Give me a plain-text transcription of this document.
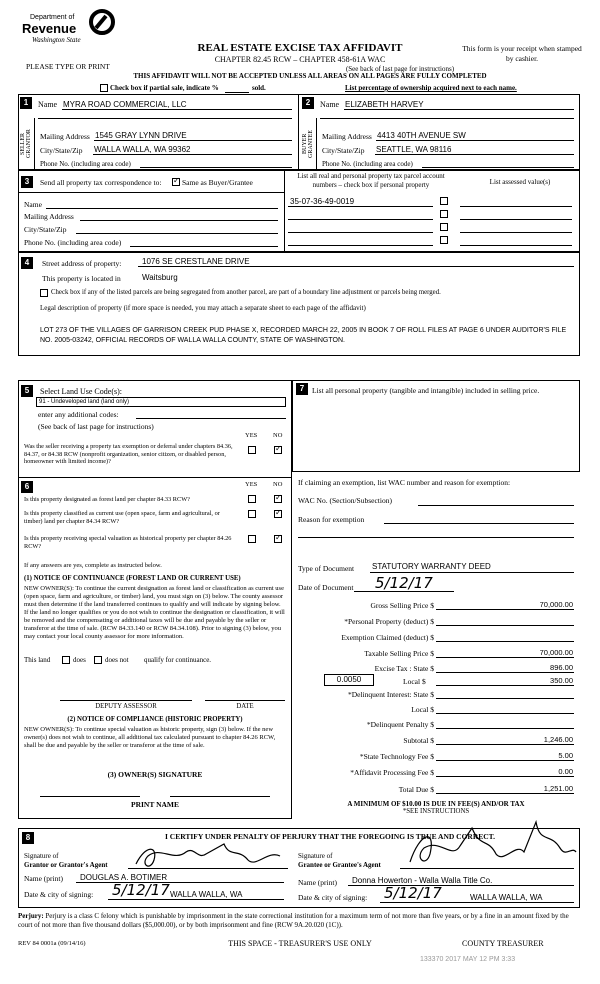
Department of
Revenue
Washington State
PLEASE TYPE OR PRINT
REAL ESTATE EXCISE TAX AFFIDAVIT
CHAPTER 82.45 RCW – CHAPTER 458-61A WAC
(See back of last page for instructions)
This form is your receipt when stamped by cashier.
THIS AFFIDAVIT WILL NOT BE ACCEPTED UNLESS ALL AREAS ON ALL PAGES ARE FULLY COMPLETED
Check box if partial sale, indicate %	sold.	List percentage of ownership acquired next to each name.
1
SELLER GRANTOR
Name MYRA ROAD COMMERCIAL, LLC
Mailing Address 1545 GRAY LYNN DRIVE
City/State/Zip WALLA WALLA, WA 99362
Phone No. (including area code)
2
BUYER GRANTEE
Name ELIZABETH HARVEY
Mailing Address 4413 40TH AVENUE SW
City/State/Zip SEATTLE, WA 98116
Phone No. (including area code)
3	Send all property tax correspondence to:
✓	Same as Buyer/Grantee
Name
Mailing Address
City/State/Zip
Phone No. (including area code)
List all real and personal property tax parcel account numbers – check box if personal property	List assessed value(s)
35-07-36-49-0019
4	Street address of property:	1076 SE CRESTLANE DRIVE
This property is located in	Waitsburg
Check box if any of the listed parcels are being segregated from another parcel, are part of a boundary line adjustment or parcels being merged.
Legal description of property (if more space is needed, you may attach a separate sheet to each page of the affidavit)
LOT 273 OF THE VILLAGES OF GARRISON CREEK PUD PHASE X, RECORDED MARCH 22, 2005 IN BOOK 7 OF ROLL FILES AT PAGE 6 UNDER AUDITOR'S FILE NO. 2005-03242, OFFICIAL RECORDS OF WALLA WALLA COUNTY, STATE OF WASHINGTON.
5	Select Land Use Code(s):
91 - Undeveloped land (land only)
enter any additional codes:
(See back of last page for instructions)
YES NO
Was the seller receiving a property tax exemption or deferral under chapters 84.36, 84.37, or 84.38 RCW (nonprofit organization, senior citizen, or disabled person, homeowner with limited income)?
✓
6	YES NO
Is this property designated as forest land per chapter 84.33 RCW?
✓
Is this property classified as current use (open space, farm and agricultural, or timber) land per chapter 84.34 RCW?
✓
Is this property receiving special valuation as historical property per chapter 84.26 RCW?
✓
If any answers are yes, complete as instructed below.
(1) NOTICE OF CONTINUANCE (FOREST LAND OR CURRENT USE)
NEW OWNER(S): To continue the current designation as forest land or classification as current use (open space, farm and agriculture, or timber) land, you must sign on (3) below. The county assessor must then determine if the land transferred continues to qualify and will indicate by signing below. If the land no longer qualifies or you do not wish to continue the designation or classification, it will be removed and the compensating or additional taxes will be due and payable by the seller or transferor at the time of sale. (RCW 84.33.140 or RCW 84.34.108). Prior to signing (3) below, you may contact your local county assessor for more information.
This land	does	does not qualify for continuance.
DEPUTY ASSESSOR	DATE
(2) NOTICE OF COMPLIANCE (HISTORIC PROPERTY)
NEW OWNER(S): To continue special valuation as historic property, sign (3) below. If the new owner(s) does not wish to continue, all additional tax calculated pursuant to chapter 84.26 RCW, shall be due and payable by the seller or transferor at the time of sale.
(3) OWNER(S) SIGNATURE
PRINT NAME
7	List all personal property (tangible and intangible) included in selling price.
If claiming an exemption, list WAC number and reason for exemption:
WAC No. (Section/Subsection)
Reason for exemption
Type of Document STATUTORY WARRANTY DEED
Date of Document 5/12/17
Gross Selling Price $	70,000.00
*Personal Property (deduct) $
Exemption Claimed (deduct) $
Taxable Selling Price $	70,000.00
Excise Tax : State $	896.00
0.0050	Local $	350.00
*Delinquent Interest: State $
Local $
*Delinquent Penalty $
Subtotal $	1,246.00
*State Technology Fee $	5.00
*Affidavit Processing Fee $	0.00
Total Due $	1,251.00
A MINIMUM OF $10.00 IS DUE IN FEE(S) AND/OR TAX
*SEE INSTRUCTIONS
8	I CERTIFY UNDER PENALTY OF PERJURY THAT THE FOREGOING IS TRUE AND CORRECT.
Signature of
Grantor or Grantor's Agent
Name (print) DOUGLAS A. BOTIMER
Date & city of signing: 5/12/17 WALLA WALLA, WA
Signature of
Grantee or Grantee's Agent
Name (print) Donna Howerton - Walla Walla Title Co.
Date & city of signing: 5/12/17	WALLA WALLA, WA
Perjury: Perjury is a class C felony which is punishable by imprisonment in the state correctional institution for a maximum term of not more than five years, or by a fine in an amount fixed by the court of not more than five thousand dollars ($5,000.00), or by both imprisonment and fine (RCW 9A.20.020 (1C)).
REV 84 0001a (09/14/16)	THIS SPACE - TREASURER'S USE ONLY	COUNTY TREASURER
133370 2017 MAY 12 PM 3:33
